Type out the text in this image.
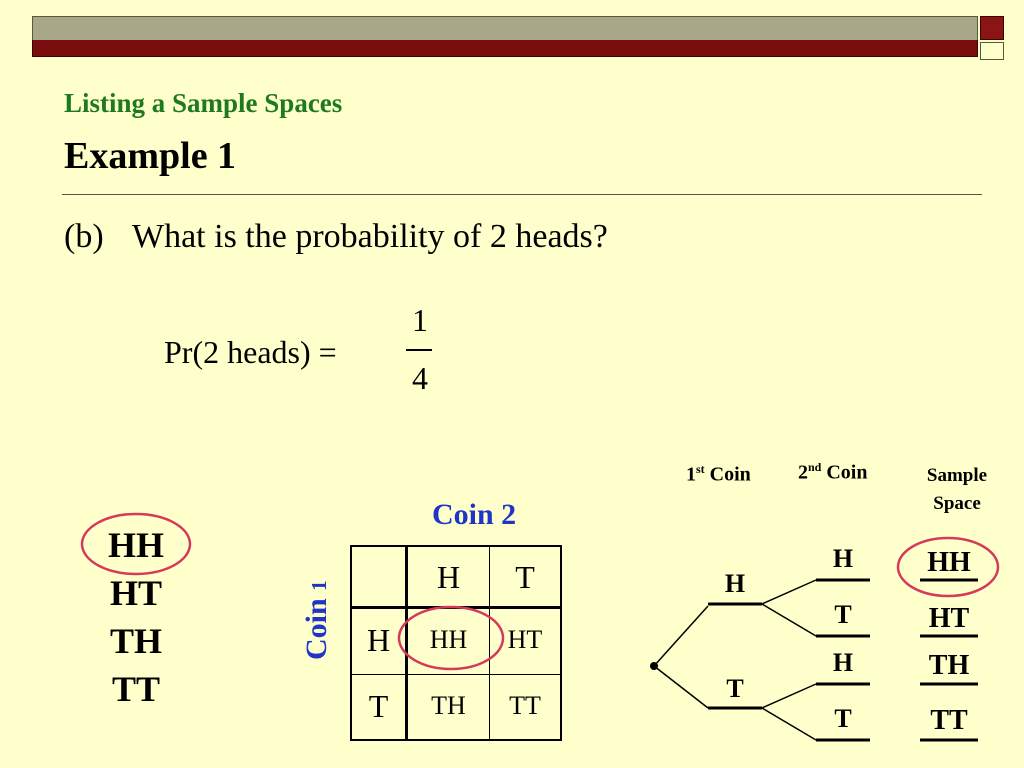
Listing a Sample Spaces
Example 1
(b) What is the probability of 2 heads?
Pr(2 heads) =
1
4
HH
HT
TH
TT
Coin 2
Coin 1	H	T
H	HH	HT
T	TH	TT
1st Coin 2nd Coin	Sample
Space
H
T
H
T
H
T
HH
HT
TH
TT
